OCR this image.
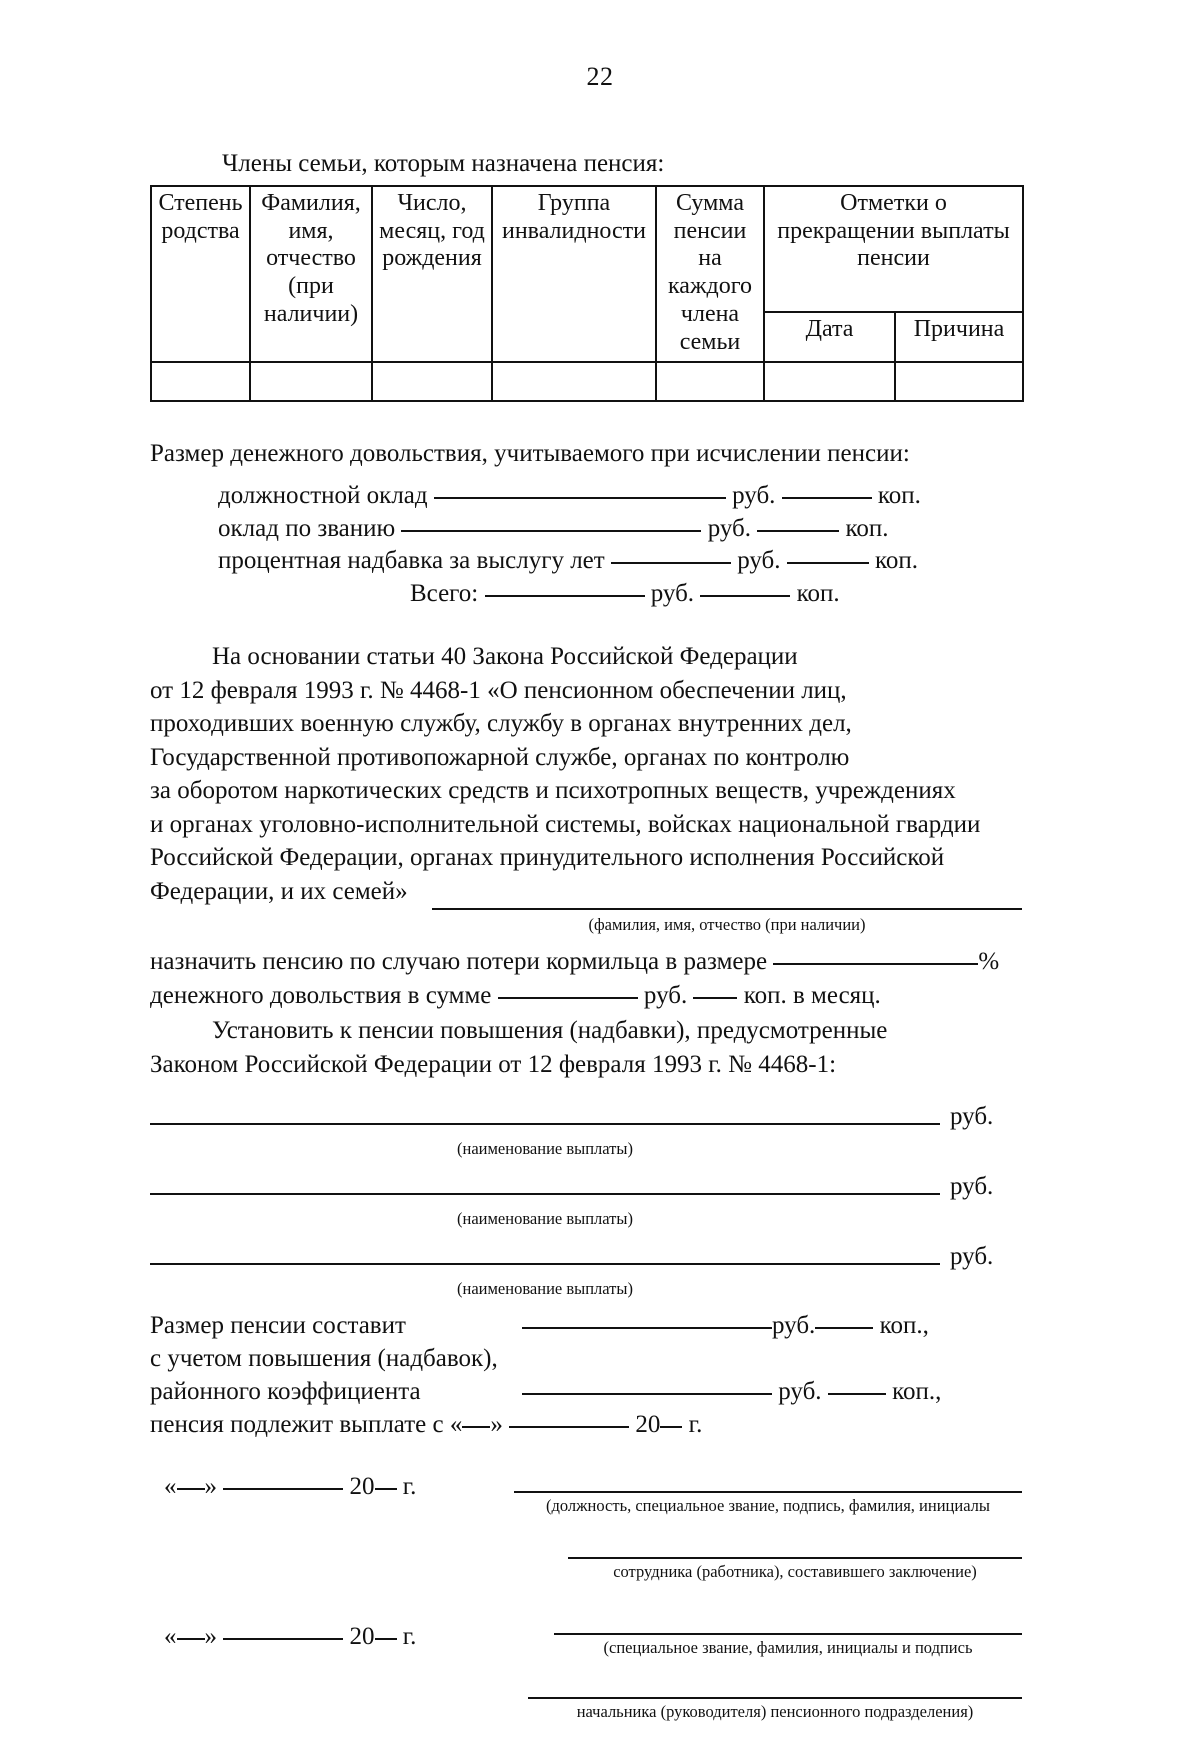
22
Члены семьи, которым назначена пенсия:
Степень родства	Фамилия, имя, отчество (при наличии)	Число, месяц, год рождения	Группа инвалидности	Сумма пенсии на каждого члена семьи	Отметки о прекращении выплаты пенсии	
					Дата	Причина

Размер денежного довольствия, учитываемого при исчислении пенсии:
должностной оклад	руб.	коп.
оклад по званию	руб.	коп.
процентная надбавка за выслугу лет	руб.	коп.
Всего:	руб.	коп.

На основании статьи 40 Закона Российской Федерации

от 12 февраля 1993 г. № 4468-1 «О пенсионном обеспечении лиц,

проходивших военную службу, службу в органах внутренних дел,

Государственной противопожарной службе, органах по контролю

за оборотом наркотических средств и психотропных веществ, учреждениях

и органах уголовно-исполнительной системы, войсках национальной гвардии

Российской Федерации, органах принудительного исполнения Российской

Федерации, и их семей»

(фамилия, имя, отчество (при наличии)
назначить пенсию по случаю потери кормильца в размере	%
денежного довольствия в сумме	руб. коп. в месяц.

Установить к пенсии повышения (надбавки), предусмотренные

Законом Российской Федерации от 12 февраля 1993 г. № 4468-1:

руб.
(наименование выплаты)
руб.
(наименование выплаты)
руб.
(наименование выплаты)
Размер пенсии составит	руб.	коп.,
с учетом повышения (надбавок),
районного коэффициента	руб.	коп.,
пенсия подлежит выплате с « »	20 г.
« »	20 г.
(должность, специальное звание, подпись, фамилия, инициалы
сотрудника (работника), составившего заключение)
« »	20 г.	(специальное звание, фамилия, инициалы и подпись
начальника (руководителя) пенсионного подразделения)
